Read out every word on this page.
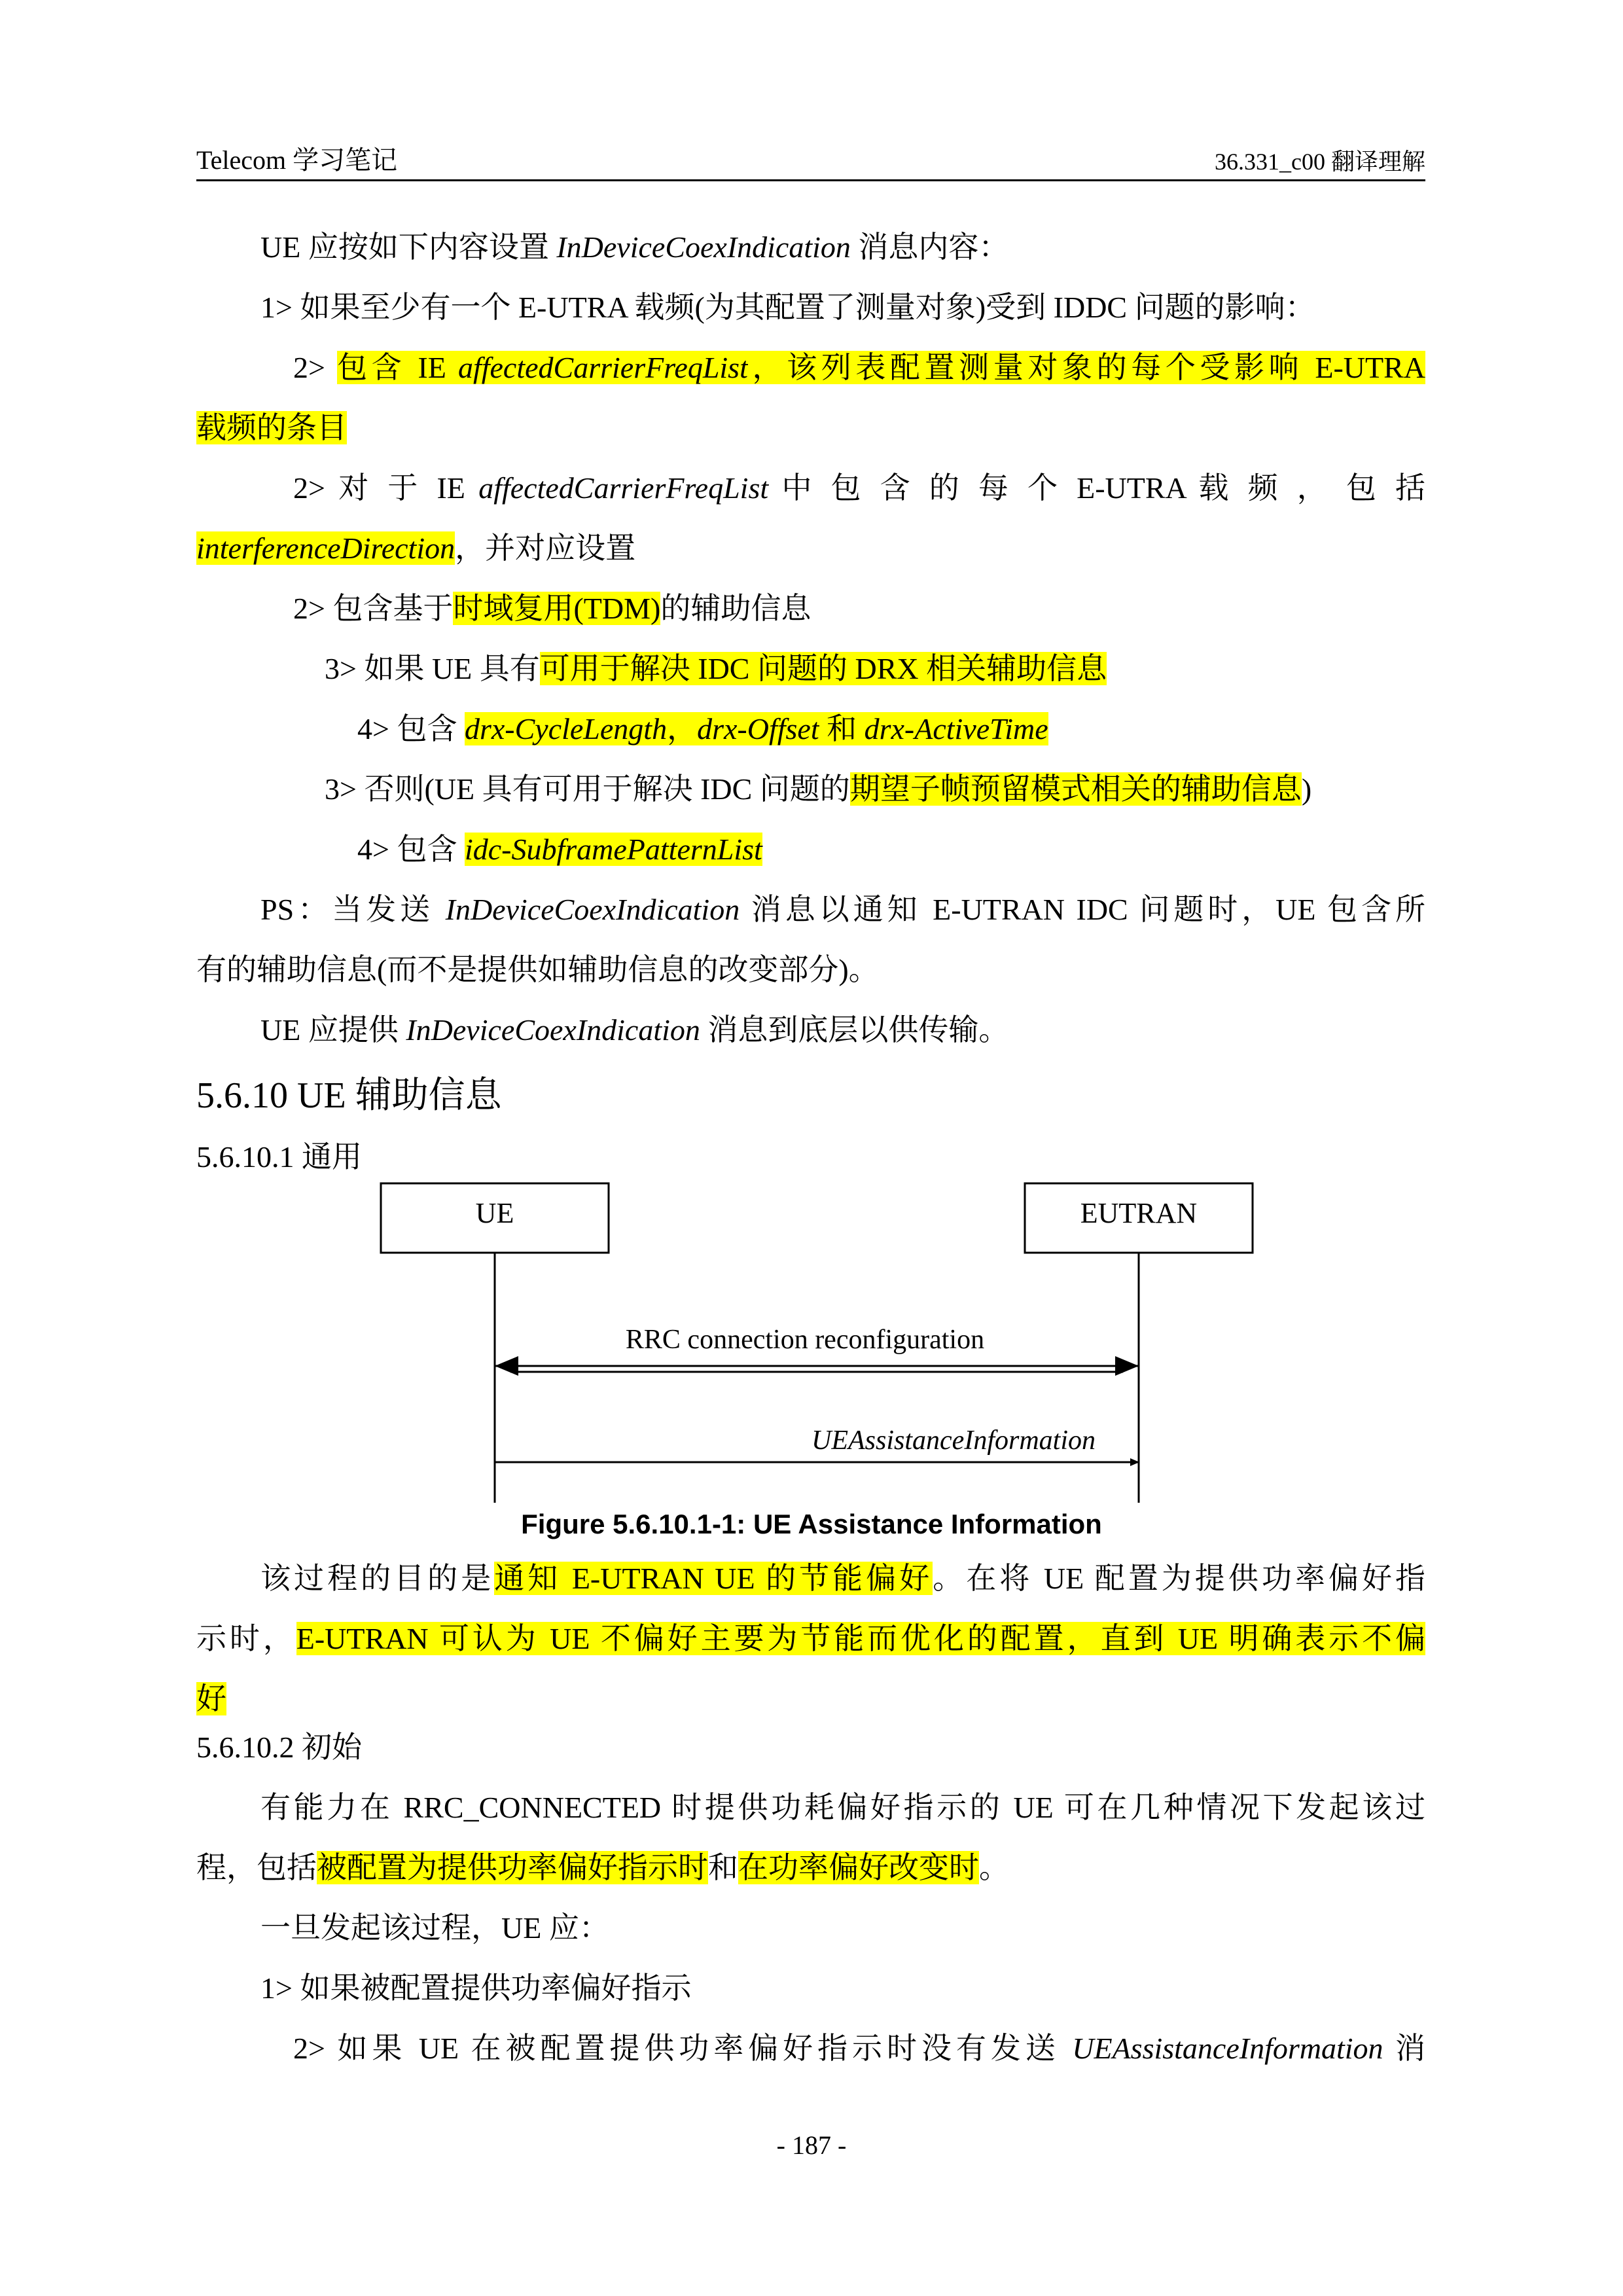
Telecom 学习笔记	36.331_c00 翻译理解
UE 应按如下内容设置 InDeviceCoexIndication 消息内容：
1> 如果至少有一个 E-UTRA 载频(为其配置了测量对象)受到 IDDC 问题的影响：
2> 包含 IE affectedCarrierFreqList，该列表配置测量对象的每个受影响 E-UTRA
载频的条目
2> 对 于 IE affectedCarrierFreqList 中 包 含 的 每 个 E-UTRA 载 频 ， 包 括
interferenceDirection，并对应设置
2> 包含基于时域复用(TDM)的辅助信息
3> 如果 UE 具有可用于解决 IDC 问题的 DRX 相关辅助信息
4> 包含 drx-CycleLength，drx-Offset 和 drx-ActiveTime
3> 否则(UE 具有可用于解决 IDC 问题的期望子帧预留模式相关的辅助信息)
4> 包含 idc-SubframePatternList
PS：当发送 InDeviceCoexIndication 消息以通知 E-UTRAN IDC 问题时，UE 包含所
有的辅助信息(而不是提供如辅助信息的改变部分)。
UE 应提供 InDeviceCoexIndication 消息到底层以供传输。
5.6.10 UE 辅助信息
5.6.10.1 通用
UE	EUTRAN
RRC connection reconfiguration
UEAssistanceInformation
Figure 5.6.10.1-1: UE Assistance Information
该过程的目的是通知 E-UTRAN UE 的节能偏好。在将 UE 配置为提供功率偏好指
示时，E-UTRAN 可认为 UE 不偏好主要为节能而优化的配置，直到 UE 明确表示不偏
好
5.6.10.2 初始
有能力在 RRC_CONNECTED 时提供功耗偏好指示的 UE 可在几种情况下发起该过
程，包括被配置为提供功率偏好指示时和在功率偏好改变时。
一旦发起该过程，UE 应：
1> 如果被配置提供功率偏好指示
2> 如果 UE 在被配置提供功率偏好指示时没有发送 UEAssistanceInformation 消
- 187 -
